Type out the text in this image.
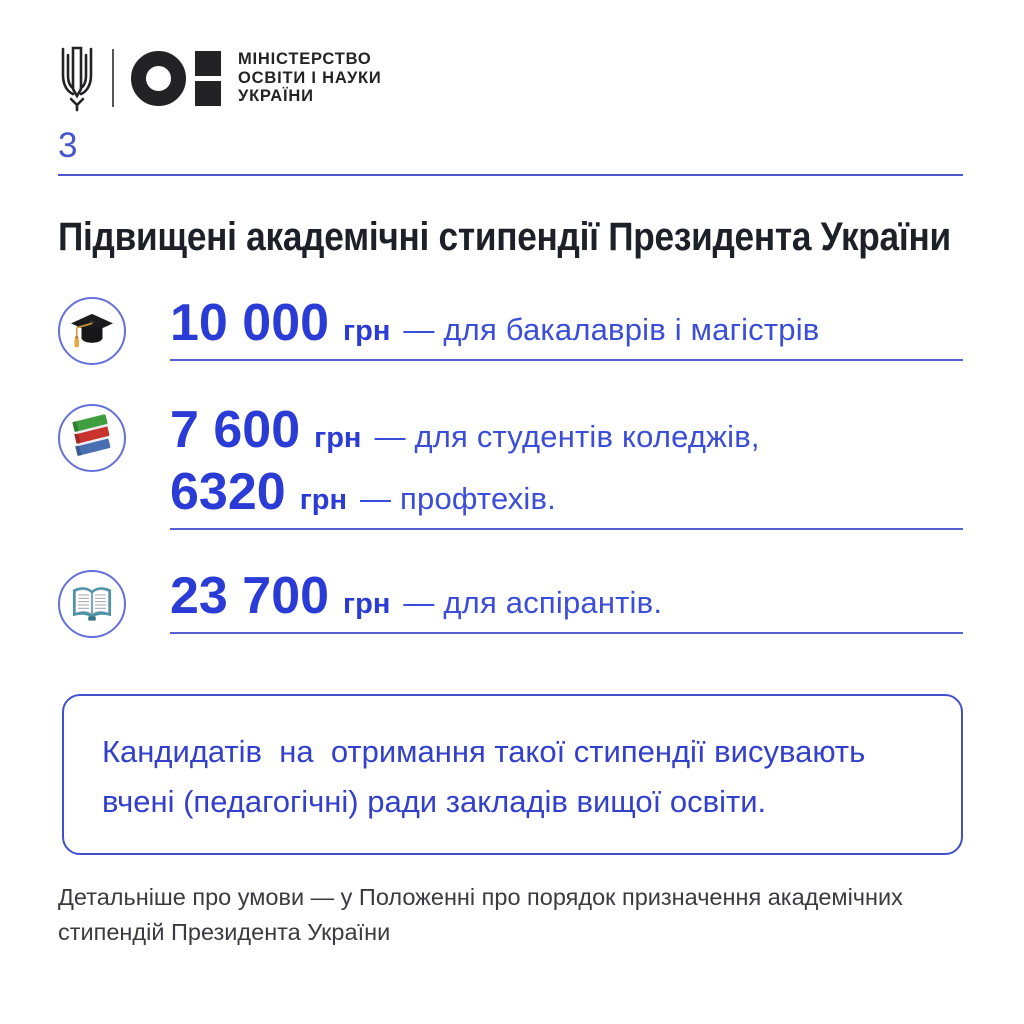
МІНІСТЕРСТВО
ОСВІТИ І НАУКИ
УКРАЇНИ
3
Підвищені академічні стипендії Президента України
10 000 грн — для бакалаврів і магістрів
7 600 грн — для студентів коледжів,
6320 грн — профтехів.
23 700 грн — для аспірантів.

Кандидатів  на  отримання такої стипендії висувають

вчені (педагогічні) ради закладів вищої освіти.

Детальніше про умови — у Положенні про порядок призначення академічних
стипендій Президента України
